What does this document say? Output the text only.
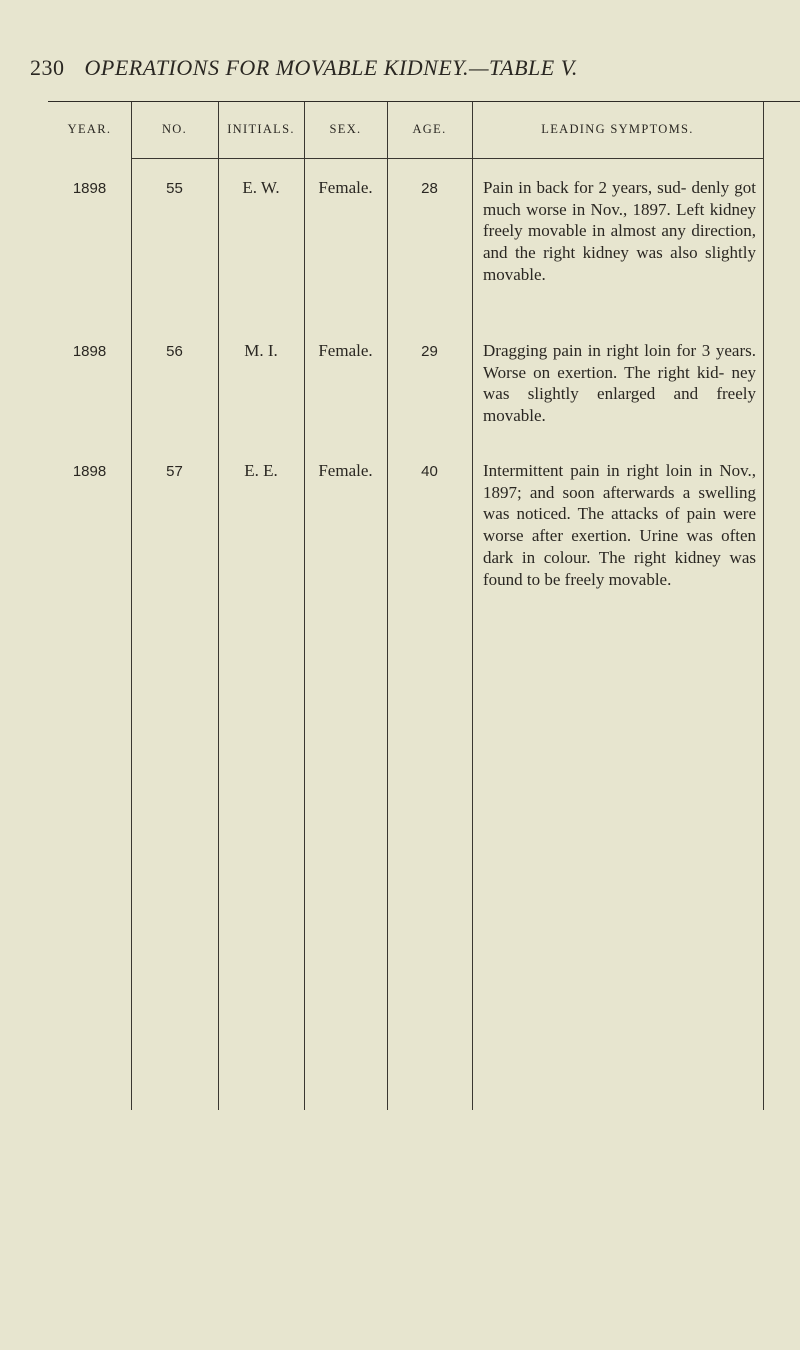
230 OPERATIONS FOR MOVABLE KIDNEY.—TABLE V.
YEAR.	NO.	INITIALS.	SEX.	AGE.	LEADING SYMPTOMS.
1898	55	E. W.	Female.	28	Pain in back for 2 years, sud- denly got much worse in Nov., 1897. Left kidney freely movable in almost any direction, and the right kidney was also slightly movable.
1898	56	M. I.	Female.	29	Dragging pain in right loin for 3 years. Worse on exertion. The right kid- ney was slightly enlarged and freely movable.
1898	57	E. E.	Female.	40	Intermittent pain in right loin in Nov., 1897; and soon afterwards a swelling was noticed. The attacks of pain were worse after exertion. Urine was often dark in colour. The right kidney was found to be freely movable.
